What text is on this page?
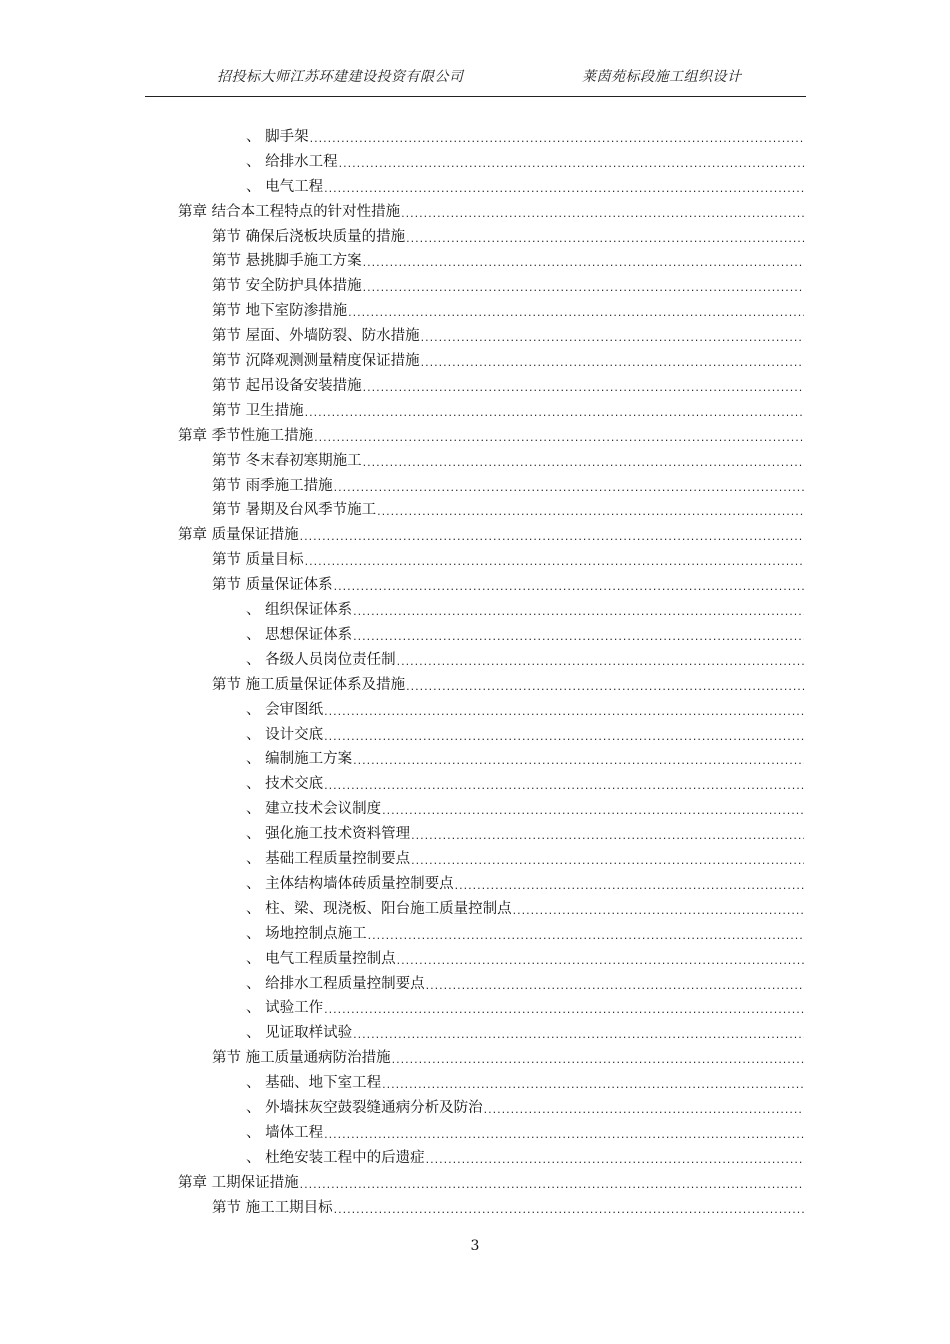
招投标大师江苏环建建设投资有限公司	莱茵苑标段施工组织设计
、 脚手架
.....
、 给排水工程
.....
、 电气工程
.....
第章 结合本工程特点的针对性措施
.....
第节 确保后浇板块质量的措施
.....
第节 悬挑脚手施工方案
.....
第节 安全防护具体措施
.....
第节 地下室防渗措施
.....
第节 屋面、外墙防裂、防水措施
.....
第节 沉降观测测量精度保证措施
.....
第节 起吊设备安装措施
.....
第节 卫生措施
.....
第章 季节性施工措施
.....
第节 冬末春初寒期施工
.....
第节 雨季施工措施
.....
第节 暑期及台风季节施工
.....
第章 质量保证措施
.....
第节 质量目标
.....
第节 质量保证体系
.....
、 组织保证体系
.....
、 思想保证体系
.....
、 各级人员岗位责任制
.....
第节 施工质量保证体系及措施
.....
、 会审图纸
.....
、 设计交底
.....
、 编制施工方案
.....
、 技术交底
.....
、 建立技术会议制度
.....
、 强化施工技术资料管理
.....
、 基础工程质量控制要点
.....
、 主体结构墙体砖质量控制要点
.....
、 柱、梁、现浇板、阳台施工质量控制点
.....
、 场地控制点施工
.....
、 电气工程质量控制点
.....
、 给排水工程质量控制要点
.....
、 试验工作
.....
、 见证取样试验
.....
第节 施工质量通病防治措施
.....
、 基础、地下室工程
.....
、 外墙抹灰空鼓裂缝通病分析及防治
.....
、 墙体工程
.....
、 杜绝安装工程中的后遗症
.....
第章 工期保证措施
.....
第节 施工工期目标
.....
3
